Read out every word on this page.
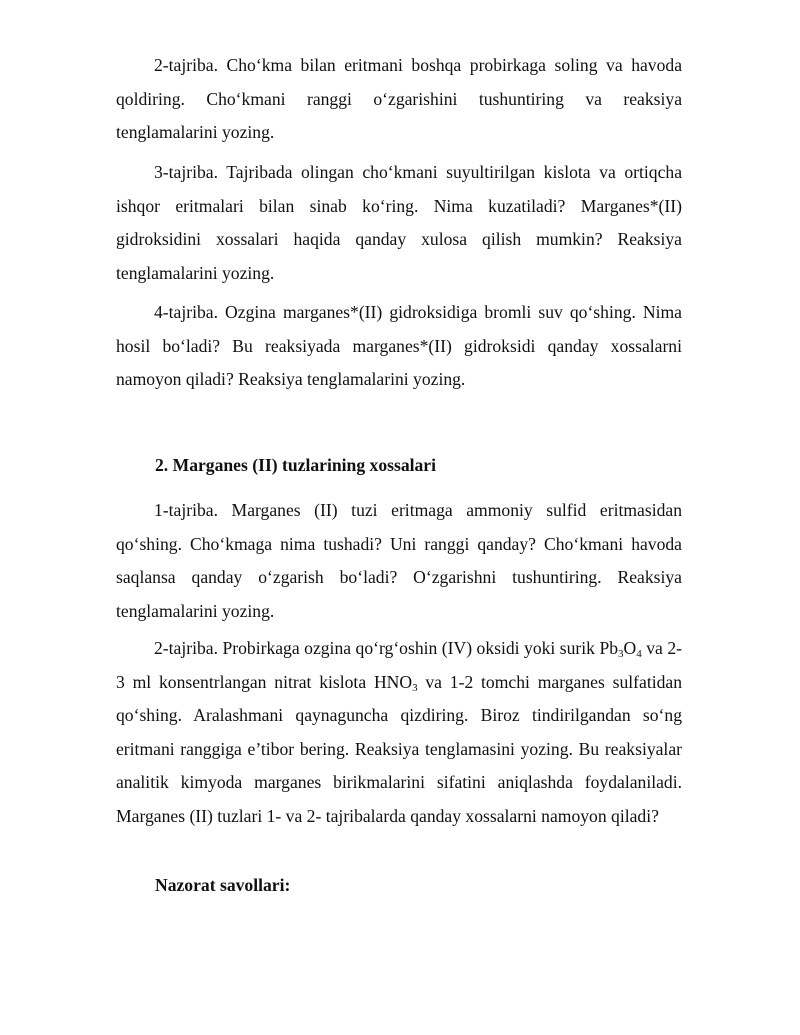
2-tajriba. Cho‘kma bilan eritmani boshqa probirkaga soling va havoda qoldiring. Cho‘kmani ranggi o‘zgarishini tushuntiring va reaksiya tenglamalarini yozing.

3-tajriba. Tajribada olingan cho‘kmani suyultirilgan kislota va ortiqcha ishqor eritmalari bilan sinab ko‘ring. Nima kuzatiladi? Marganes*(II) gidroksidini xossalari haqida qanday xulosa qilish mumkin? Reaksiya tenglamalarini yozing.

4-tajriba. Ozgina marganes*(II) gidroksidiga bromli suv qo‘shing. Nima hosil bo‘ladi? Bu reaksiyada marganes*(II) gidroksidi qanday xossalarni namoyon qiladi? Reaksiya tenglamalarini yozing.

2. Marganes (II) tuzlarining xossalari

1-tajriba. Marganes (II) tuzi eritmaga ammoniy sulfid eritmasidan qo‘shing. Cho‘kmaga nima tushadi? Uni ranggi qanday? Cho‘kmani havoda saqlansa qanday o‘zgarish bo‘ladi? O‘zgarishni tushuntiring. Reaksiya tenglamalarini yozing.

2-tajriba. Probirkaga ozgina qo‘rg‘oshin (IV) oksidi yoki surik $Pb_3O_4$ va 2-3 ml konsentrlangan nitrat kislota $HNO_3$ va 1-2 tomchi marganes sulfatidan qo‘shing. Aralashmani qaynaguncha qizdiring. Biroz tindirilgandan so‘ng eritmani ranggiga e’tibor bering. Reaksiya tenglamasini yozing. Bu reaksiyalar analitik kimyoda marganes birikmalarini sifatini aniqlashda foydalaniladi. Marganes (II) tuzlari 1- va 2- tajribalarda qanday xossalarni namoyon qiladi?

Nazorat savollari:
